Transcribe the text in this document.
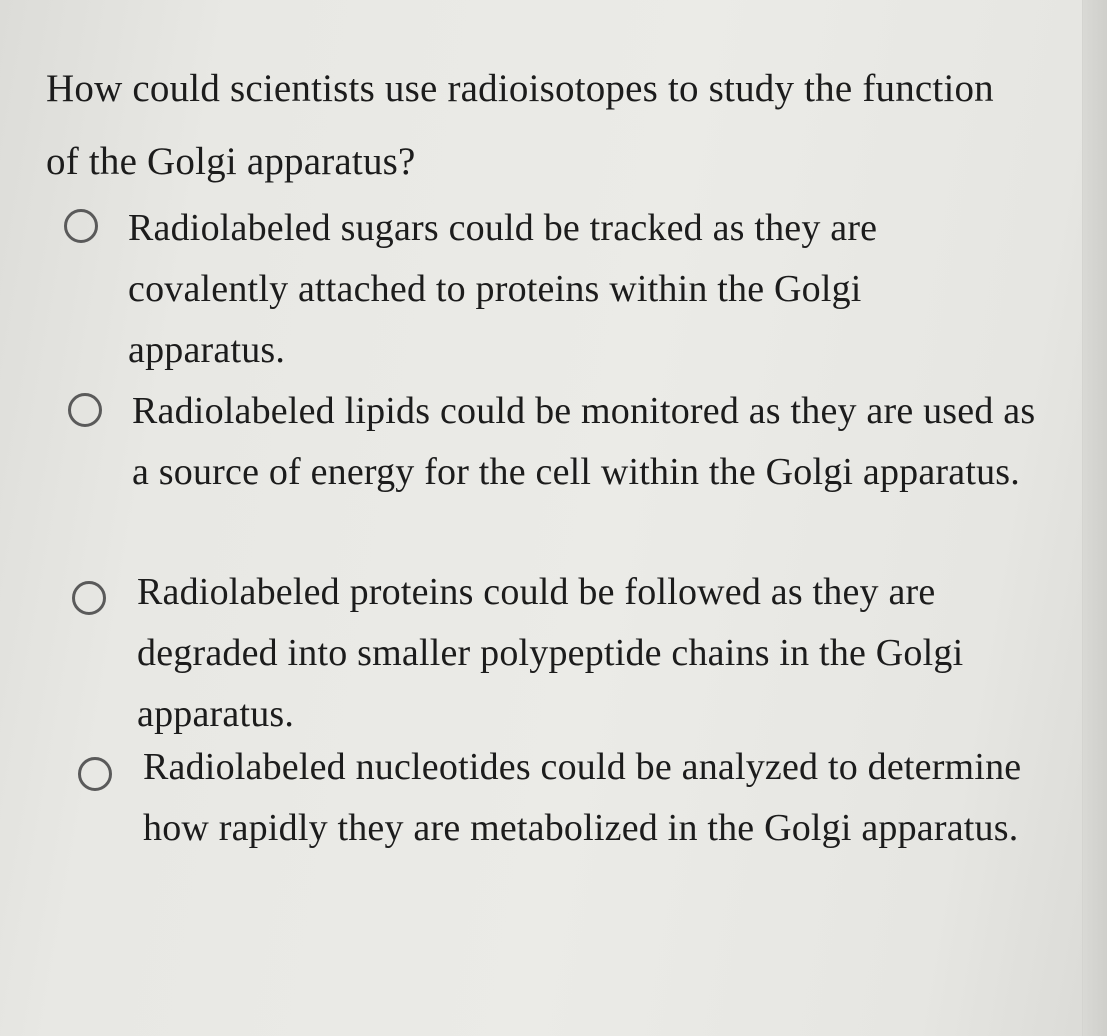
How could scientists use radioisotopes to study the function of the Golgi apparatus?

Radiolabeled sugars could be tracked as they are covalently attached to proteins within the Golgi apparatus.
Radiolabeled lipids could be monitored as they are used as a source of energy for the cell within the Golgi apparatus.
Radiolabeled proteins could be followed as they are degraded into smaller polypeptide chains in the Golgi apparatus.
Radiolabeled nucleotides could be analyzed to determine how rapidly they are metabolized in the Golgi apparatus.
